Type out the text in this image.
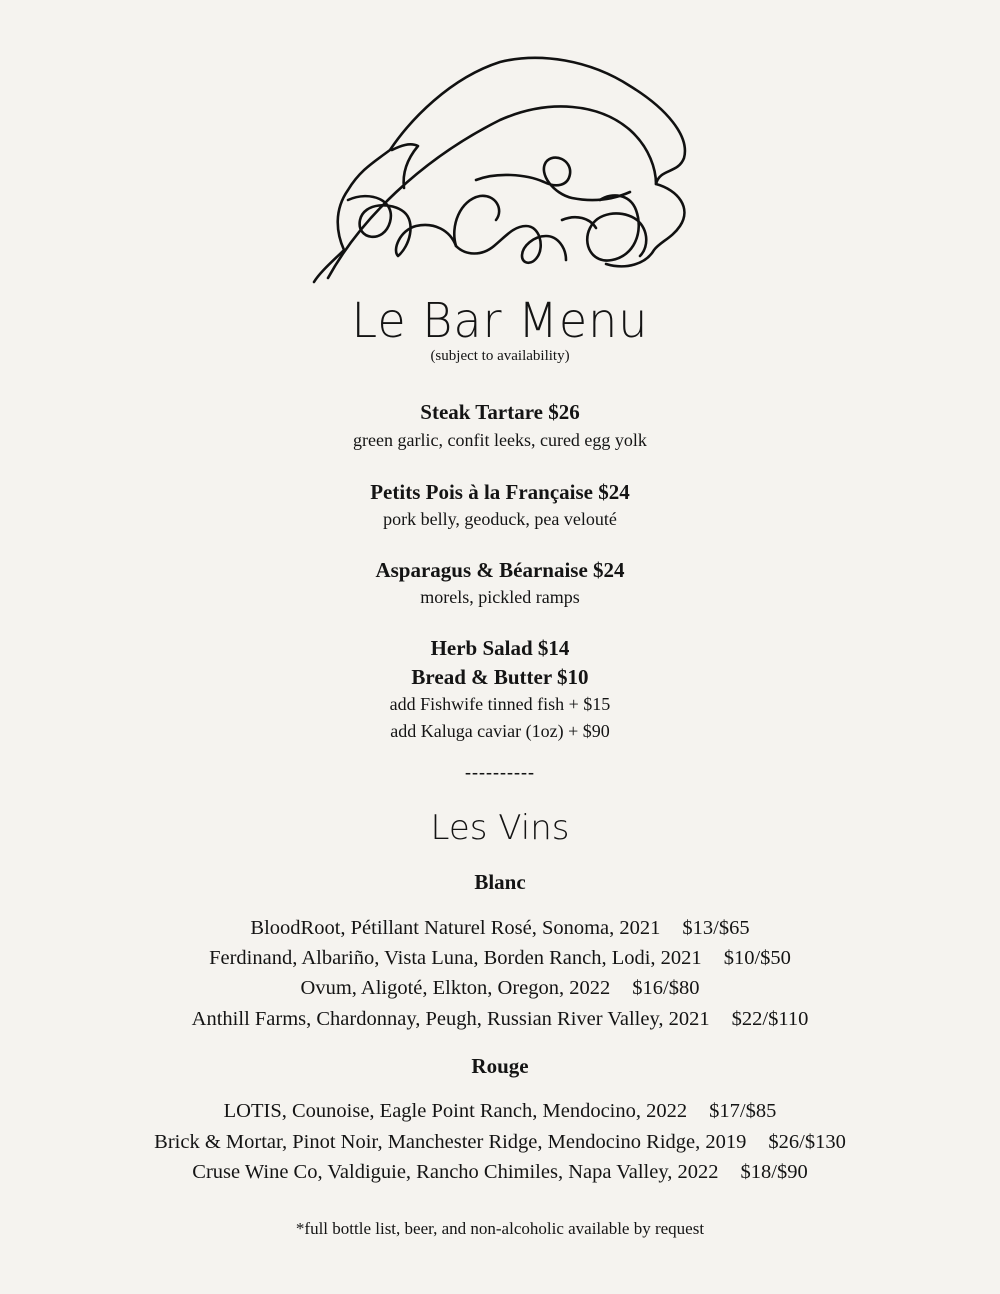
Le Bar Menu
(subject to availability)
Steak Tartare $26
green garlic, confit leeks, cured egg yolk
Petits Pois à la Française $24
pork belly, geoduck, pea velouté
Asparagus & Béarnaise $24
morels, pickled ramps
Herb Salad $14
Bread & Butter $10
add Fishwife tinned fish + $15
add Kaluga caviar (1oz) + $90
----------
Les Vins
Blanc
BloodRoot, Pétillant Naturel Rosé, Sonoma, 2021 $13/$65
Ferdinand, Albariño, Vista Luna, Borden Ranch, Lodi, 2021 $10/$50
Ovum, Aligoté, Elkton, Oregon, 2022 $16/$80
Anthill Farms, Chardonnay, Peugh, Russian River Valley, 2021 $22/$110
Rouge
LOTIS, Counoise, Eagle Point Ranch, Mendocino, 2022 $17/$85
Brick & Mortar, Pinot Noir, Manchester Ridge, Mendocino Ridge, 2019 $26/$130
Cruse Wine Co, Valdiguie, Rancho Chimiles, Napa Valley, 2022 $18/$90
*full bottle list, beer, and non-alcoholic available by request
